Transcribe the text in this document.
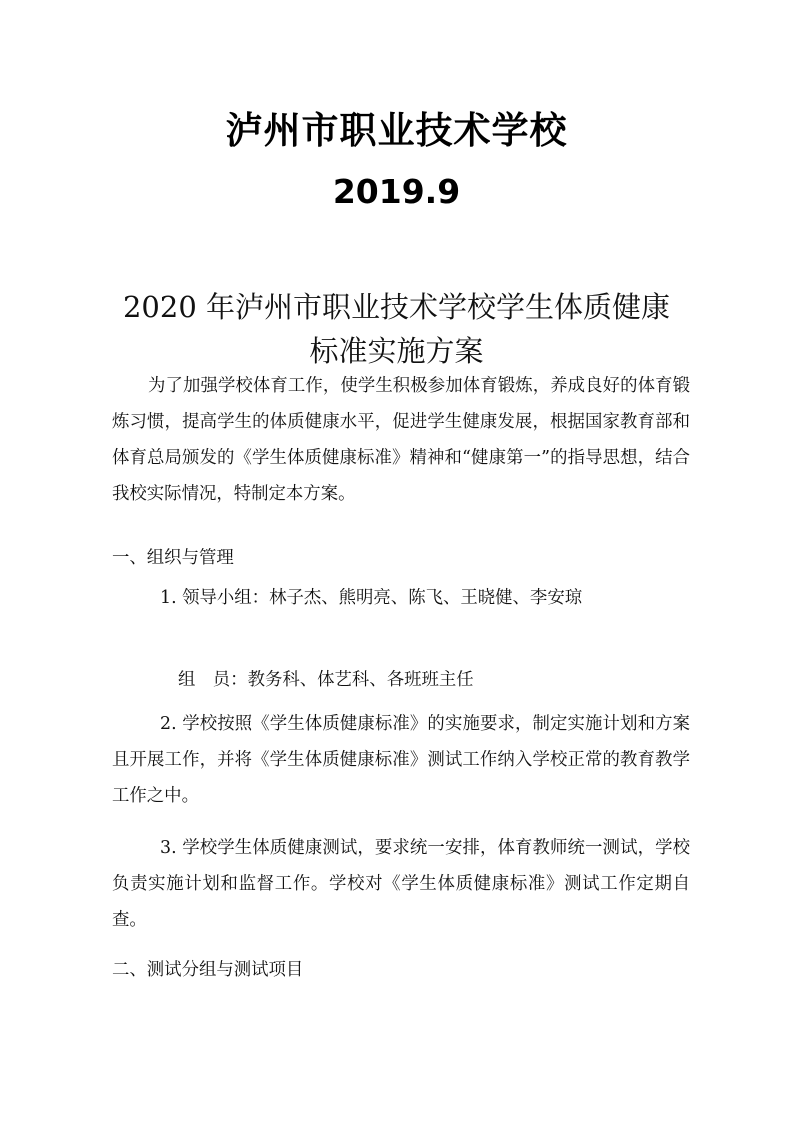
泸州市职业技术学校
2019.9
2020 年泸州市职业技术学校学生体质健康
标准实施方案
为了加强学校体育工作，使学生积极参加体育锻炼，养成良好的体育锻炼习惯，提高学生的体质健康水平，促进学生健康发展，根据国家教育部和体育总局颁发的《学生体质健康标准》精神和“健康第一”的指导思想，结合我校实际情况，特制定本方案。
一、组织与管理
1. 领导小组：林子杰、熊明亮、陈飞、王晓健、李安琼
组　员：教务科、体艺科、各班班主任
2. 学校按照《学生体质健康标准》的实施要求，制定实施计划和方案且开展工作，并将《学生体质健康标准》测试工作纳入学校正常的教育教学工作之中。
3. 学校学生体质健康测试，要求统一安排，体育教师统一测试，学校负责实施计划和监督工作。学校对《学生体质健康标准》测试工作定期自查。
二、测试分组与测试项目
